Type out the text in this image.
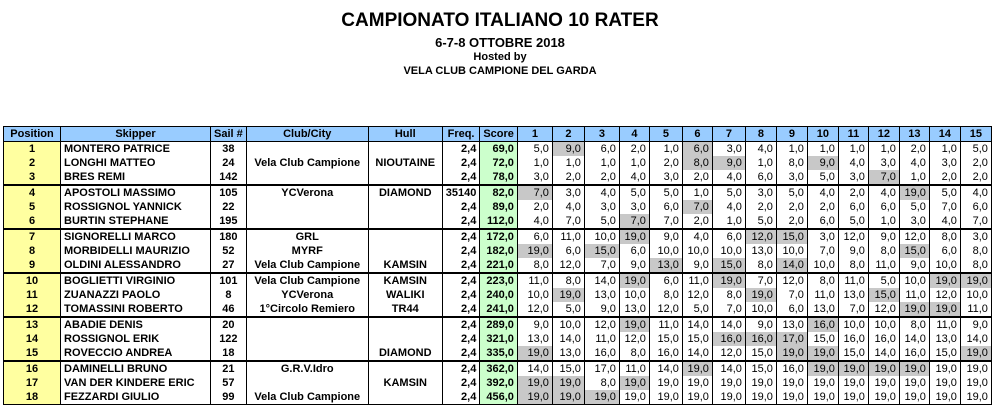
CAMPIONATO ITALIANO 10 RATER
6-7-8 OTTOBRE 2018
Hosted by
VELA CLUB CAMPIONE DEL GARDA
Position	Skipper	Sail #	Club/City	Hull	Freq.	Score	1	2	3	4	5	6	7	8	9	10	11	12	13	14	15
1	MONTERO PATRICE	38			2,4	69,0	5,0	9,0	6,0	2,0	1,0	6,0	3,0	4,0	1,0	1,0	1,0	1,0	2,0	1,0	5,0
2	LONGHI MATTEO	24	Vela Club Campione	NIOUTAINE	2,4	72,0	1,0	1,0	1,0	1,0	2,0	8,0	9,0	1,0	8,0	9,0	4,0	3,0	4,0	3,0	2,0
3	BRES REMI	142			2,4	78,0	3,0	2,0	2,0	4,0	3,0	2,0	4,0	6,0	3,0	5,0	3,0	7,0	1,0	2,0	2,0
4	APOSTOLI MASSIMO	105	YCVerona	DIAMOND	35140	82,0	7,0	3,0	4,0	5,0	5,0	1,0	5,0	3,0	5,0	4,0	2,0	4,0	19,0	5,0	4,0
5	ROSSIGNOL YANNICK	22			2,4	89,0	2,0	4,0	3,0	3,0	6,0	7,0	4,0	2,0	2,0	2,0	6,0	6,0	5,0	7,0	6,0
6	BURTIN STEPHANE	195			2,4	112,0	4,0	7,0	5,0	7,0	7,0	2,0	1,0	5,0	2,0	6,0	5,0	1,0	3,0	4,0	7,0
7	SIGNORELLI MARCO	180	GRL		2,4	172,0	6,0	11,0	10,0	19,0	9,0	4,0	6,0	12,0	15,0	3,0	12,0	9,0	12,0	8,0	3,0
8	MORBIDELLI MAURIZIO	52	MYRF		2,4	182,0	19,0	6,0	15,0	6,0	10,0	10,0	10,0	13,0	10,0	7,0	9,0	8,0	15,0	6,0	8,0
9	OLDINI ALESSANDRO	27	Vela Club Campione	KAMSIN	2,4	221,0	8,0	12,0	7,0	9,0	13,0	9,0	15,0	8,0	14,0	10,0	8,0	11,0	9,0	10,0	8,0
10	BOGLIETTI VIRGINIO	101	Vela Club Campione	KAMSIN	2,4	223,0	11,0	8,0	14,0	19,0	6,0	11,0	19,0	7,0	12,0	8,0	11,0	5,0	10,0	19,0	19,0
11	ZUANAZZI PAOLO	8	YCVerona	WALIKI	2,4	240,0	10,0	19,0	13,0	10,0	8,0	12,0	8,0	19,0	7,0	11,0	13,0	15,0	11,0	12,0	10,0
12	TOMASSINI ROBERTO	46	1°Circolo Remiero	TR44	2,4	241,0	12,0	5,0	9,0	13,0	12,0	5,0	7,0	10,0	6,0	13,0	7,0	12,0	19,0	19,0	11,0
13	ABADIE DENIS	20			2,4	289,0	9,0	10,0	12,0	19,0	11,0	14,0	14,0	9,0	13,0	16,0	10,0	10,0	8,0	11,0	9,0
14	ROSSIGNOL ERIK	122			2,4	321,0	13,0	14,0	11,0	12,0	15,0	15,0	16,0	16,0	17,0	15,0	16,0	16,0	14,0	13,0	14,0
15	ROVECCIO ANDREA	18		DIAMOND	2,4	335,0	19,0	13,0	16,0	8,0	16,0	14,0	12,0	15,0	19,0	19,0	15,0	14,0	16,0	15,0	19,0
16	DAMINELLI BRUNO	21	G.R.V.Idro		2,4	362,0	14,0	15,0	17,0	11,0	14,0	19,0	14,0	15,0	16,0	19,0	19,0	19,0	19,0	19,0	19,0
17	VAN DER KINDERE ERIC	57		KAMSIN	2,4	392,0	19,0	19,0	8,0	19,0	19,0	19,0	19,0	19,0	19,0	19,0	19,0	19,0	19,0	19,0	19,0
18	FEZZARDI GIULIO	99	Vela Club Campione		2,4	456,0	19,0	19,0	19,0	19,0	19,0	19,0	19,0	19,0	19,0	19,0	19,0	19,0	19,0	19,0	19,0
